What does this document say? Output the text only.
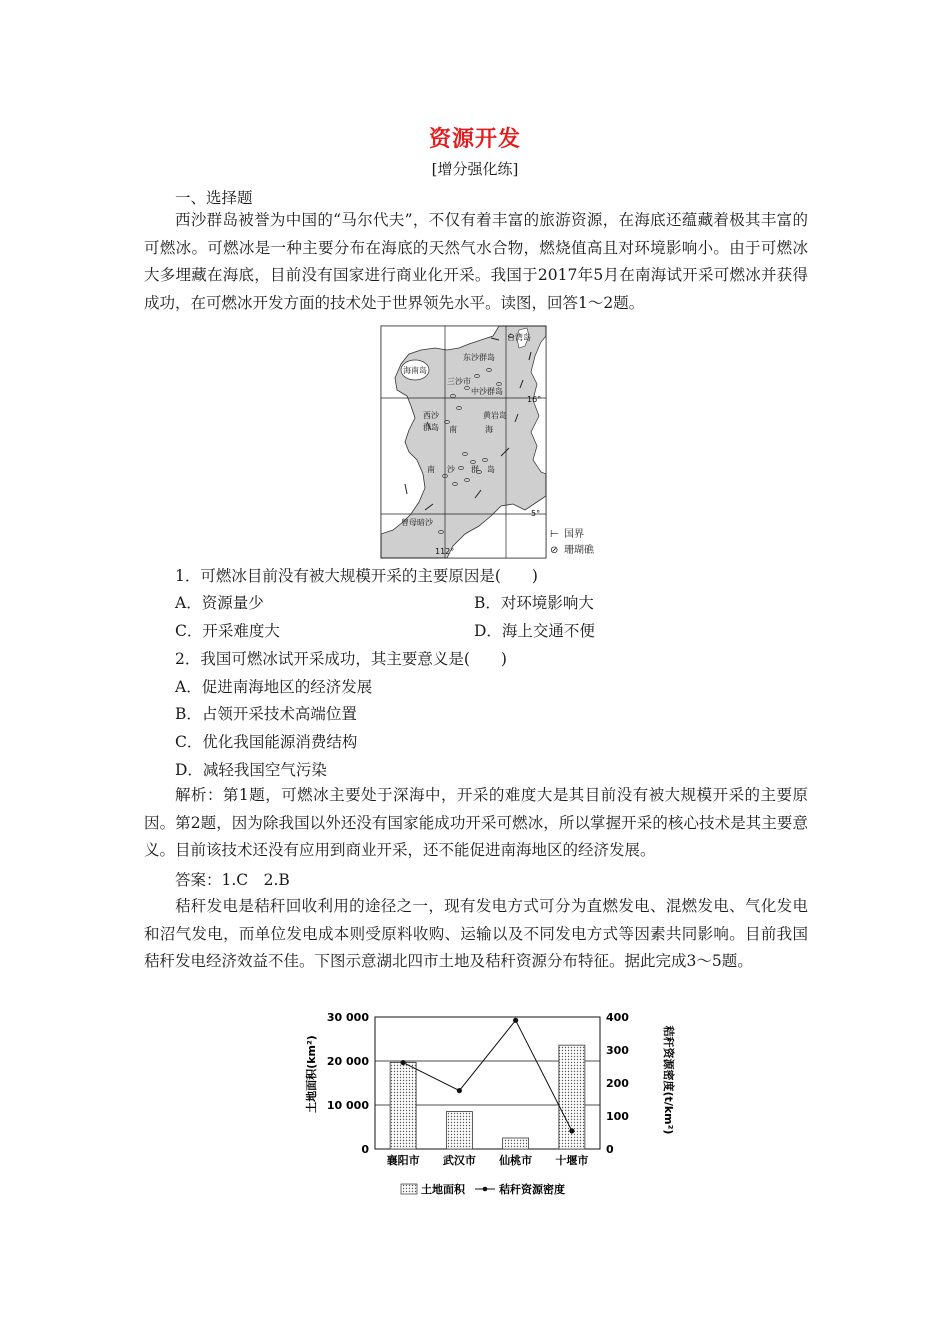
资源开发
[增分强化练]
一、选择题
西沙群岛被誉为中国的“马尔代夫”，不仅有着丰富的旅游资源，在海底还蕴藏着极其丰富的可燃冰。可燃冰是一种主要分布在海底的天然气水合物，燃烧值高且对环境影响小。由于可燃冰大多埋藏在海底，目前没有国家进行商业化开采。我国于2017年5月在南海试开采可燃冰并获得成功，在可燃冰开发方面的技术处于世界领先水平。读图，回答1～2题。
台湾岛
东沙群岛
海南岛
三沙市
中沙群岛
16°
西沙
群岛
黄岩岛
南	海
南 沙 群 岛
5°
曾母暗沙
112°
⊢ 国界
⊘ 珊瑚礁
1．可燃冰目前没有被大规模开采的主要原因是(　　)
A．资源量少	B．对环境影响大
C．开采难度大	D．海上交通不便
2．我国可燃冰试开采成功，其主要意义是(　　)
A．促进南海地区的经济发展
B．占领开采技术高端位置
C．优化我国能源消费结构
D．减轻我国空气污染
解析：第1题，可燃冰主要处于深海中，开采的难度大是其目前没有被大规模开采的主要原因。第2题，因为除我国以外还没有国家能成功开采可燃冰，所以掌握开采的核心技术是其主要意义。目前该技术还没有应用到商业开采，还不能促进南海地区的经济发展。
答案：1.C　2.B
秸秆发电是秸秆回收利用的途径之一，现有发电方式可分为直燃发电、混燃发电、气化发电和沼气发电，而单位发电成本则受原料收购、运输以及不同发电方式等因素共同影响。目前我国秸秆发电经济效益不佳。下图示意湖北四市土地及秸秆资源分布特征。据此完成3～5题。
0
10 000
20 000
30 000
0
100
200
300
400
襄阳市 武汉市 仙桃市 十堰市
土地面积(km²)	秸秆资源密度(t/km²)
土地面积	秸秆资源密度
